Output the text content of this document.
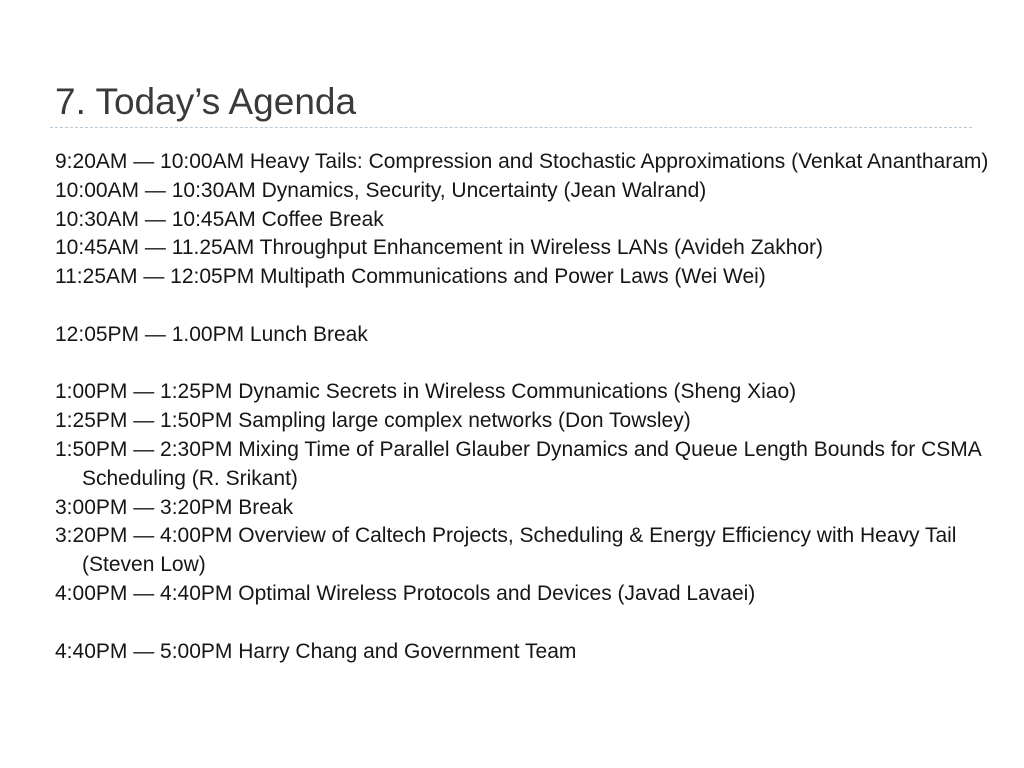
7. Today’s Agenda

9:20AM — 10:00AM Heavy Tails: Compression and Stochastic Approximations (Venkat Anantharam)

10:00AM — 10:30AM Dynamics, Security, Uncertainty (Jean Walrand)

10:30AM — 10:45AM Coffee Break

10:45AM — 11.25AM Throughput Enhancement in Wireless LANs (Avideh Zakhor)

11:25AM — 12:05PM Multipath Communications and Power Laws (Wei Wei)

12:05PM — 1.00PM Lunch Break

1:00PM — 1:25PM Dynamic Secrets in Wireless Communications (Sheng Xiao)

1:25PM — 1:50PM Sampling large complex networks (Don Towsley)

1:50PM — 2:30PM Mixing Time of Parallel Glauber Dynamics and Queue Length Bounds for CSMA Scheduling (R. Srikant)

3:00PM — 3:20PM Break

3:20PM — 4:00PM Overview of Caltech Projects, Scheduling & Energy Efficiency with Heavy Tail (Steven Low)

4:00PM — 4:40PM Optimal Wireless Protocols and Devices (Javad Lavaei)

4:40PM — 5:00PM Harry Chang and Government Team
